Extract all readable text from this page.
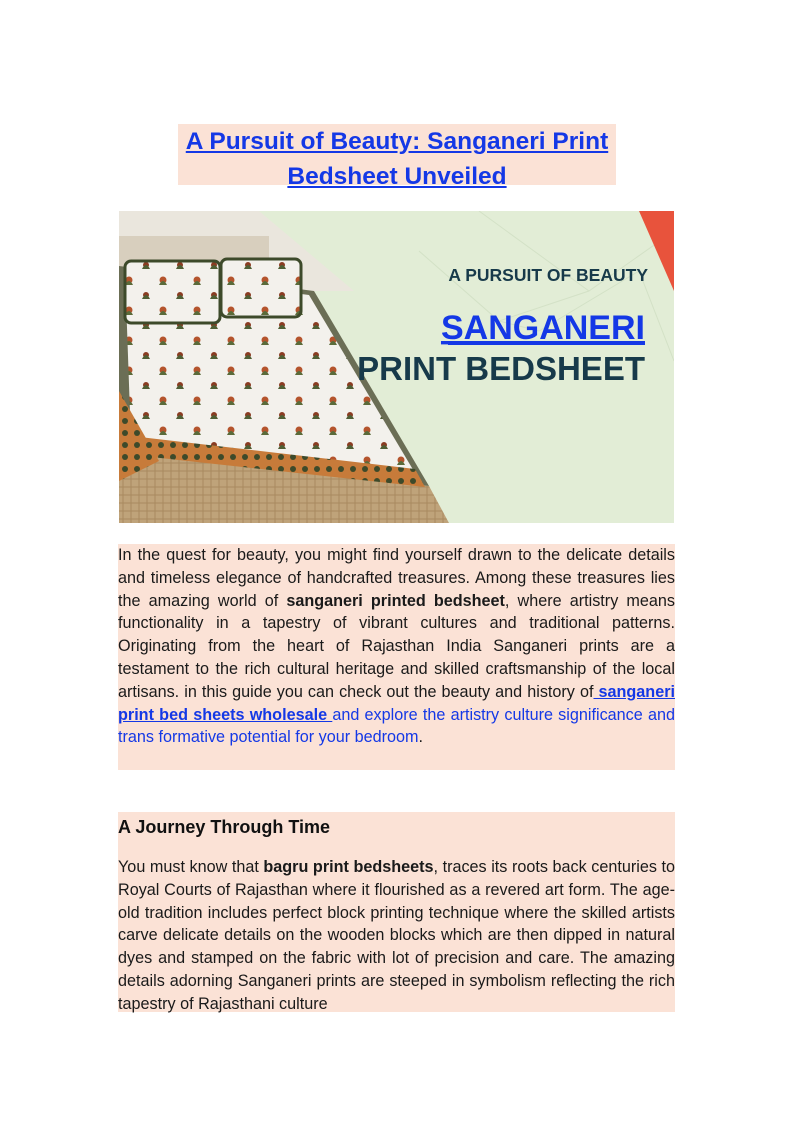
A Pursuit of Beauty: Sanganeri Print
Bedsheet Unveiled
A PURSUIT OF BEAUTY
SANGANERI
PRINT BEDSHEET
In the quest for beauty, you might find yourself drawn to the delicate details and timeless elegance of handcrafted treasures. Among these treasures lies the amazing world of sanganeri printed bedsheet, where artistry means functionality in a tapestry of vibrant cultures and traditional patterns. Originating from the heart of Rajasthan India Sanganeri prints are a testament to the rich cultural heritage and skilled craftsmanship of the local artisans. in this guide you can check out the beauty and history of sanganeri print bed sheets wholesale and explore the artistry culture significance and trans formative potential for your bedroom.
A Journey Through Time
You must know that bagru print bedsheets, traces its roots back centuries to Royal Courts of Rajasthan where it flourished as a revered art form. The age-old tradition includes perfect block printing technique where the skilled artists carve delicate details on the wooden blocks which are then dipped in natural dyes and stamped on the fabric with lot of precision and care. The amazing details adorning Sanganeri prints are steeped in symbolism reflecting the rich tapestry of Rajasthani culture
